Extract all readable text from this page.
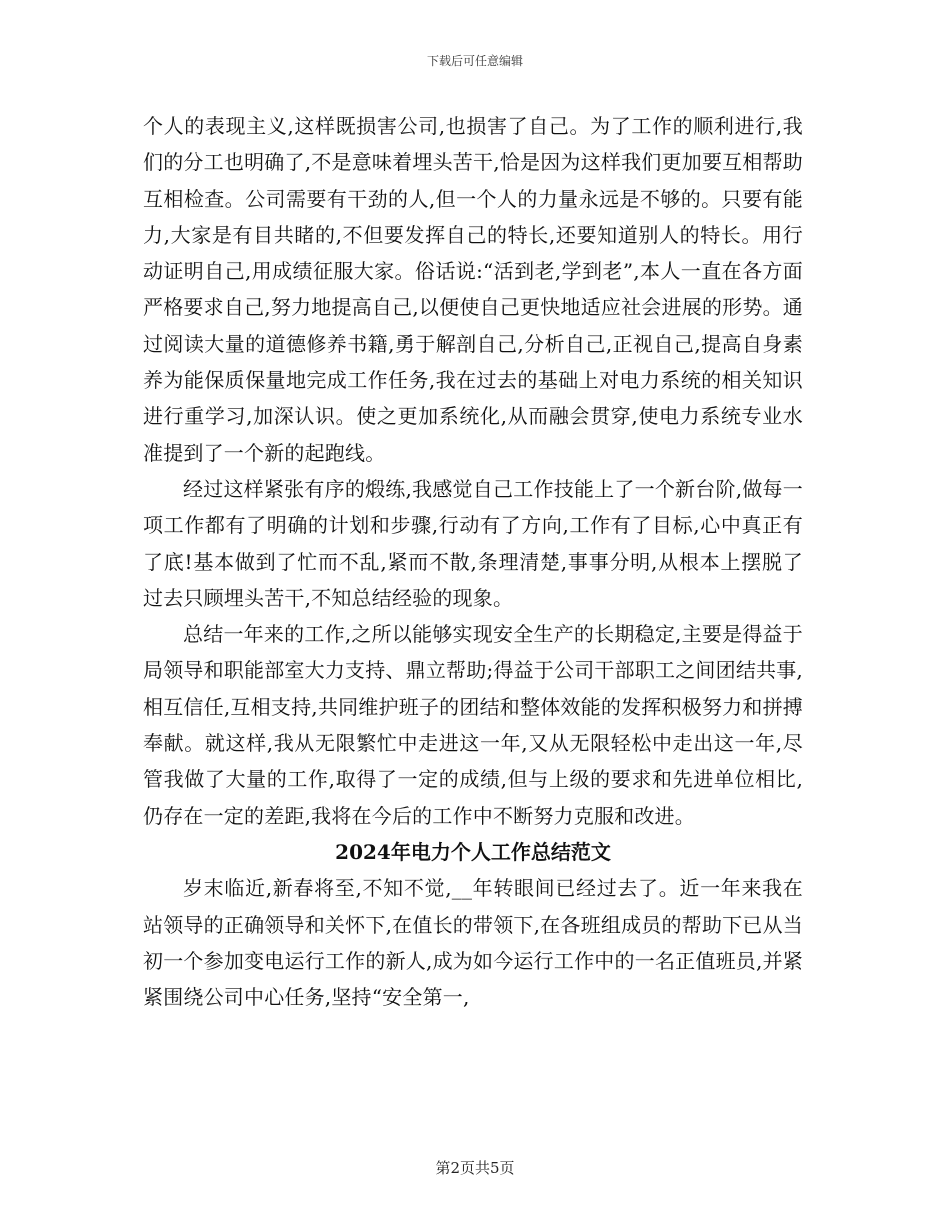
下载后可任意编辑

个人的表现主义,这样既损害公司,也损害了自己。为了工作的顺利进行,我们的分工也明确了,不是意味着埋头苦干,恰是因为这样我们更加要互相帮助互相检查。公司需要有干劲的人,但一个人的力量永远是不够的。只要有能力,大家是有目共睹的,不但要发挥自己的特长,还要知道别人的特长。用行动证明自己,用成绩征服大家。俗话说:“活到老,学到老”,本人一直在各方面严格要求自己,努力地提高自己,以便使自己更快地适应社会进展的形势。通过阅读大量的道德修养书籍,勇于解剖自己,分析自己,正视自己,提高自身素养为能保质保量地完成工作任务,我在过去的基础上对电力系统的相关知识进行重学习,加深认识。使之更加系统化,从而融会贯穿,使电力系统专业水准提到了一个新的起跑线。

经过这样紧张有序的煅练,我感觉自己工作技能上了一个新台阶,做每一项工作都有了明确的计划和步骤,行动有了方向,工作有了目标,心中真正有了底!基本做到了忙而不乱,紧而不散,条理清楚,事事分明,从根本上摆脱了过去只顾埋头苦干,不知总结经验的现象。

总结一年来的工作,之所以能够实现安全生产的长期稳定,主要是得益于局领导和职能部室大力支持、鼎立帮助;得益于公司干部职工之间团结共事,相互信任,互相支持,共同维护班子的团结和整体效能的发挥积极努力和拼搏奉献。就这样,我从无限繁忙中走进这一年,又从无限轻松中走出这一年,尽管我做了大量的工作,取得了一定的成绩,但与上级的要求和先进单位相比,仍存在一定的差距,我将在今后的工作中不断努力克服和改进。

2024年电力个人工作总结范文

岁末临近,新春将至,不知不觉,__年转眼间已经过去了。近一年来我在站领导的正确领导和关怀下,在值长的带领下,在各班组成员的帮助下已从当初一个参加变电运行工作的新人,成为如今运行工作中的一名正值班员,并紧紧围绕公司中心任务,坚持“安全第一,

第2页共5页
